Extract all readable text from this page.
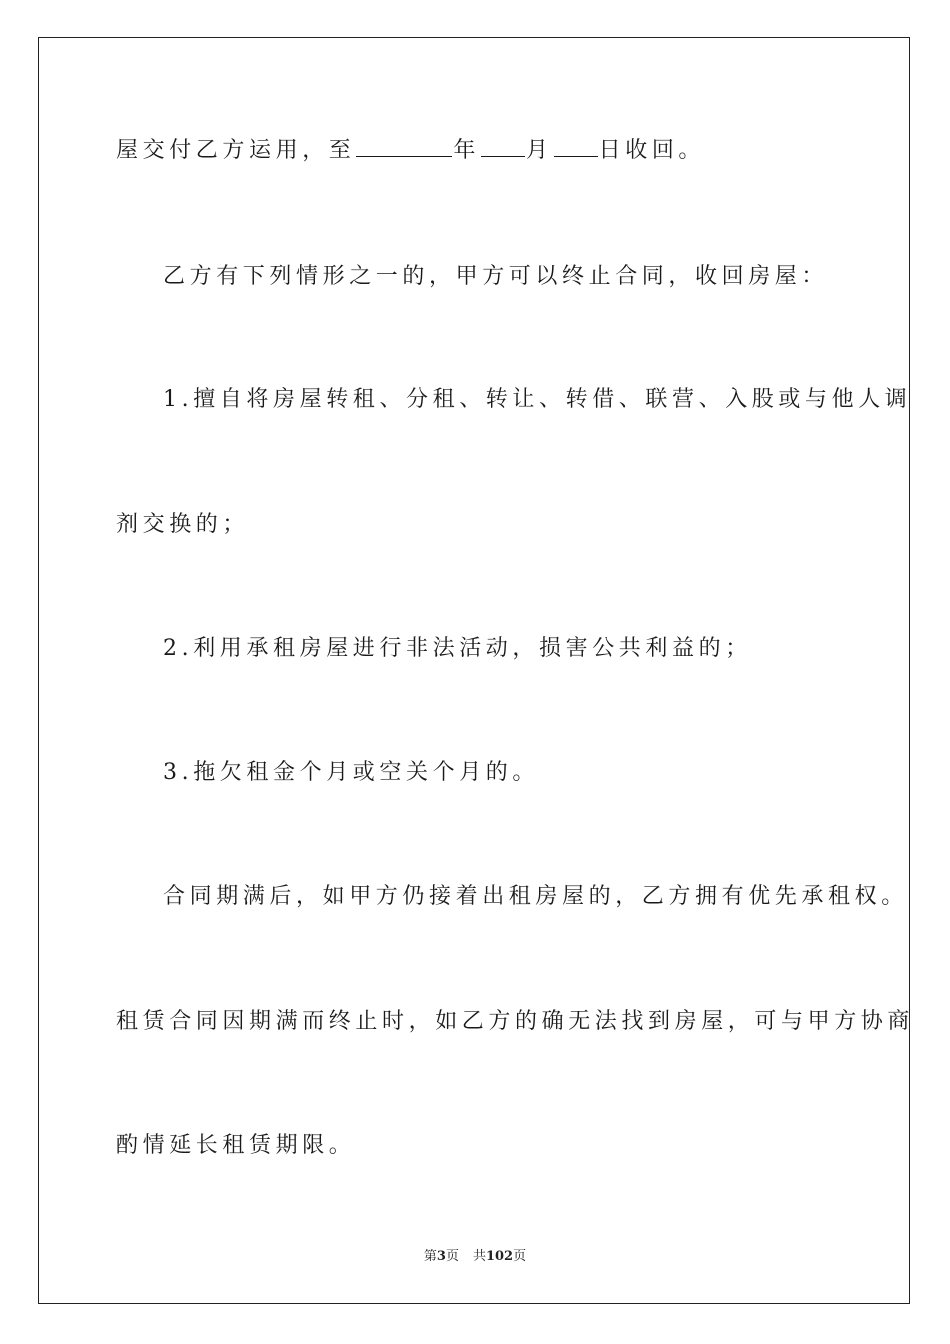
屋交付乙方运用，至	年 月 日收回。
乙方有下列情形之一的，甲方可以终止合同，收回房屋：
1.擅自将房屋转租、分租、转让、转借、联营、入股或与他人调
剂交换的；
2.利用承租房屋进行非法活动，损害公共利益的；
3.拖欠租金个月或空关个月的。
合同期满后，如甲方仍接着出租房屋的，乙方拥有优先承租权。
租赁合同因期满而终止时，如乙方的确无法找到房屋，可与甲方协商
酌情延长租赁期限。
第3页 共102页
